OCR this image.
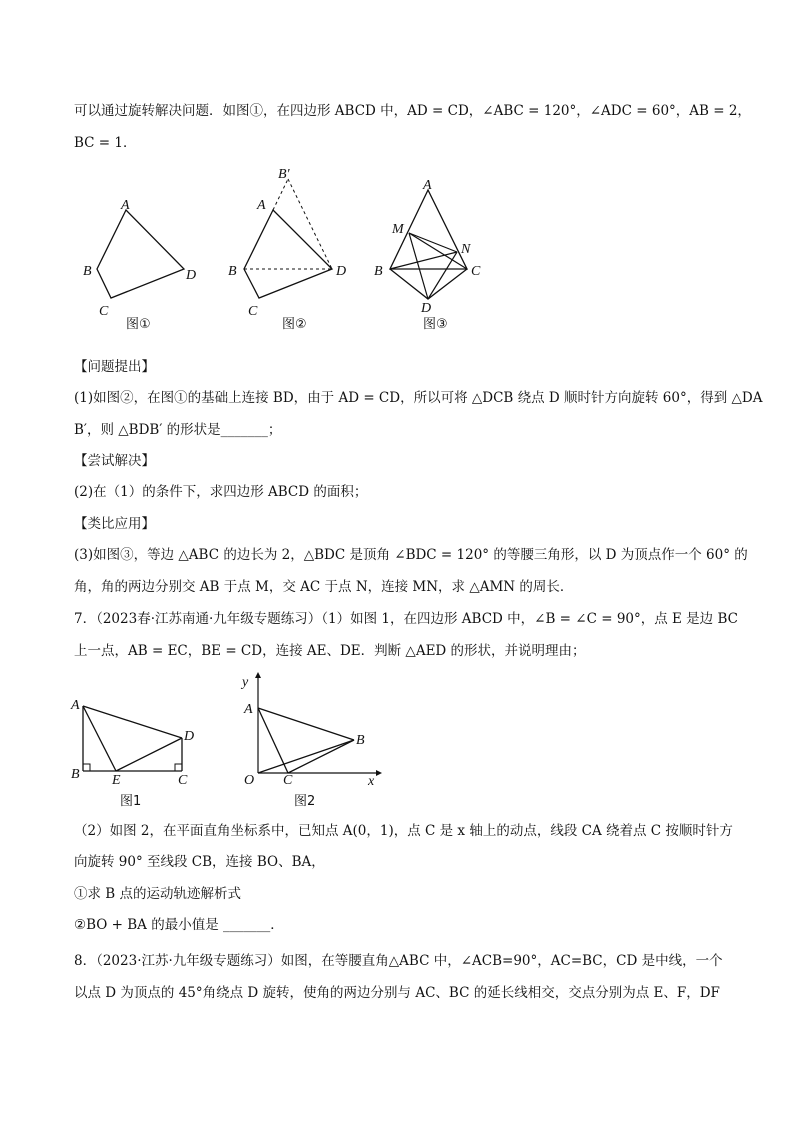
可以通过旋转解决问题．如图①，在四边形 ABCD 中，AD = CD，∠ABC = 120°，∠ADC = 60°，AB = 2，
BC = 1．
【问题提出】
(1)如图②，在图①的基础上连接 BD，由于 AD = CD，所以可将 △DCB 绕点 D 顺时针方向旋转 60°，得到 △DA
B′，则 △BDB′ 的形状是_______；
【尝试解决】
(2)在（1）的条件下，求四边形 ABCD 的面积；
【类比应用】
(3)如图③，等边 △ABC 的边长为 2，△BDC 是顶角 ∠BDC = 120° 的等腰三角形，以 D 为顶点作一个 60° 的
角，角的两边分别交 AB 于点 M，交 AC 于点 N，连接 MN，求 △AMN 的周长．
7．（2023春·江苏南通·九年级专题练习）（1）如图 1，在四边形 ABCD 中，∠B = ∠C = 90°，点 E 是边 BC
上一点，AB = EC，BE = CD，连接 AE、DE．判断 △AED 的形状，并说明理由；
（2）如图 2，在平面直角坐标系中，已知点 A(0，1)，点 C 是 x 轴上的动点，线段 CA 绕着点 C 按顺时针方
向旋转 90° 至线段 CB，连接 BO、BA，
①求 B 点的运动轨迹解析式
②BO + BA 的最小值是 _______．
8．（2023·江苏·九年级专题练习）如图，在等腰直角△ABC 中，∠ACB=90°，AC=BC，CD 是中线，一个
以点 D 为顶点的 45°角绕点 D 旋转，使角的两边分别与 AC、BC 的延长线相交，交点分别为点 E、F，DF
A
B
C
D
图①
B′
A
B
C
D
图②
A
M
N
B	C
D
图③
A
D
B E	C
图1
y
A
B
O C	x
图2
